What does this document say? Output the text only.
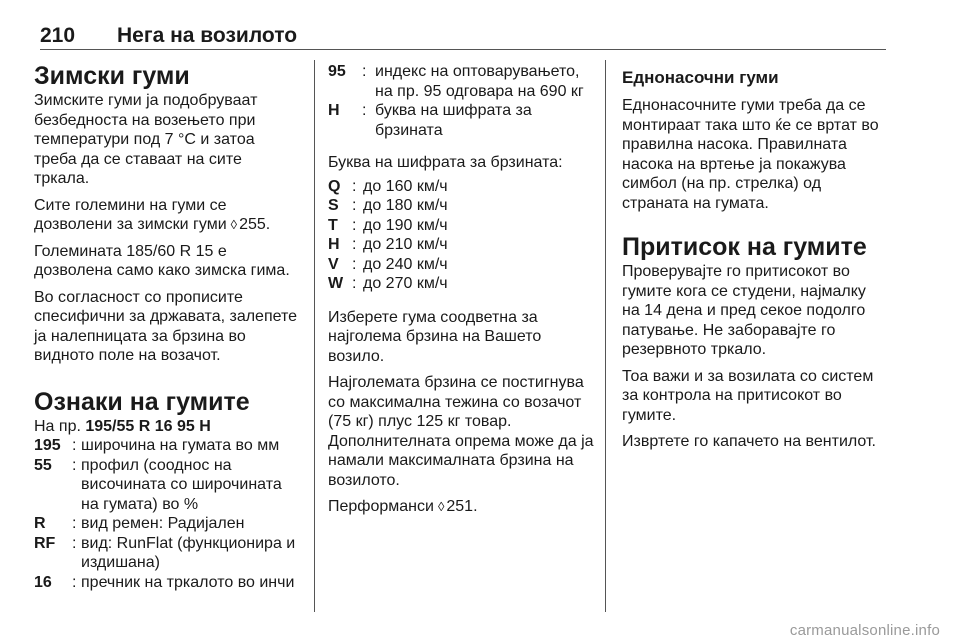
210 Нега на возилото
Зимски гуми

Зимските гуми ја подобруваат безбедноста на возењето при температури под 7 °C и затоа треба да се ставаат на сите тркала.

Сите големини на гуми се дозволени за зимски гуми ◊ 255.

Големината 185/60 R 15 е дозволена само како зимска гима.

Во согласност со прописите спесифични за државата, залепете ја налепницата за брзина во видното поле на возачот.

Ознаки на гумите

На пр. 195/55 R 16 95 H

195 : широчина на гумата во мм
55	: профил (соодноc на височината со широчината на гумата) во %
R	: вид ремен: Радијален
RF	: вид: RunFlat (функционира и издишана)
16	: пречник на тркалото во инчи
95	: индекс на оптоварувањето, на пр. 95 одговара на 690 кг
H	: буква на шифрата за брзината

Буква на шифрата за брзината:

Q : до 160 км/ч
S : до 180 км/ч
T : до 190 км/ч
H : до 210 км/ч
V : до 240 км/ч
W : до 270 км/ч

Изберете гума соодветна за најголема брзина на Вашето возило.

Најголемата брзина се постигнува со максимална тежина со возачот (75 кг) плус 125 кг товар.

Дополнителната опрема може да ја намали максималната брзина на возилото.

Перформанси ◊ 251.

Еднонасочни гуми

Еднонасочните гуми треба да се монтираат така што ќе се вртат во правилна насока. Правилната насока на вртење ја покажува симбол (на пр. стрелка) од страната на гумата.

Притисок на гумите

Проверувајте го притисокот во гумите кога се студени, најмалку на 14 дена и пред секое подолго патување. Не заборавајте го резервното тркало.

Тоа важи и за возилата со систем за контрола на притисокот во гумите.

Извртете го капачето на вентилот.

carmanualsonline.info
